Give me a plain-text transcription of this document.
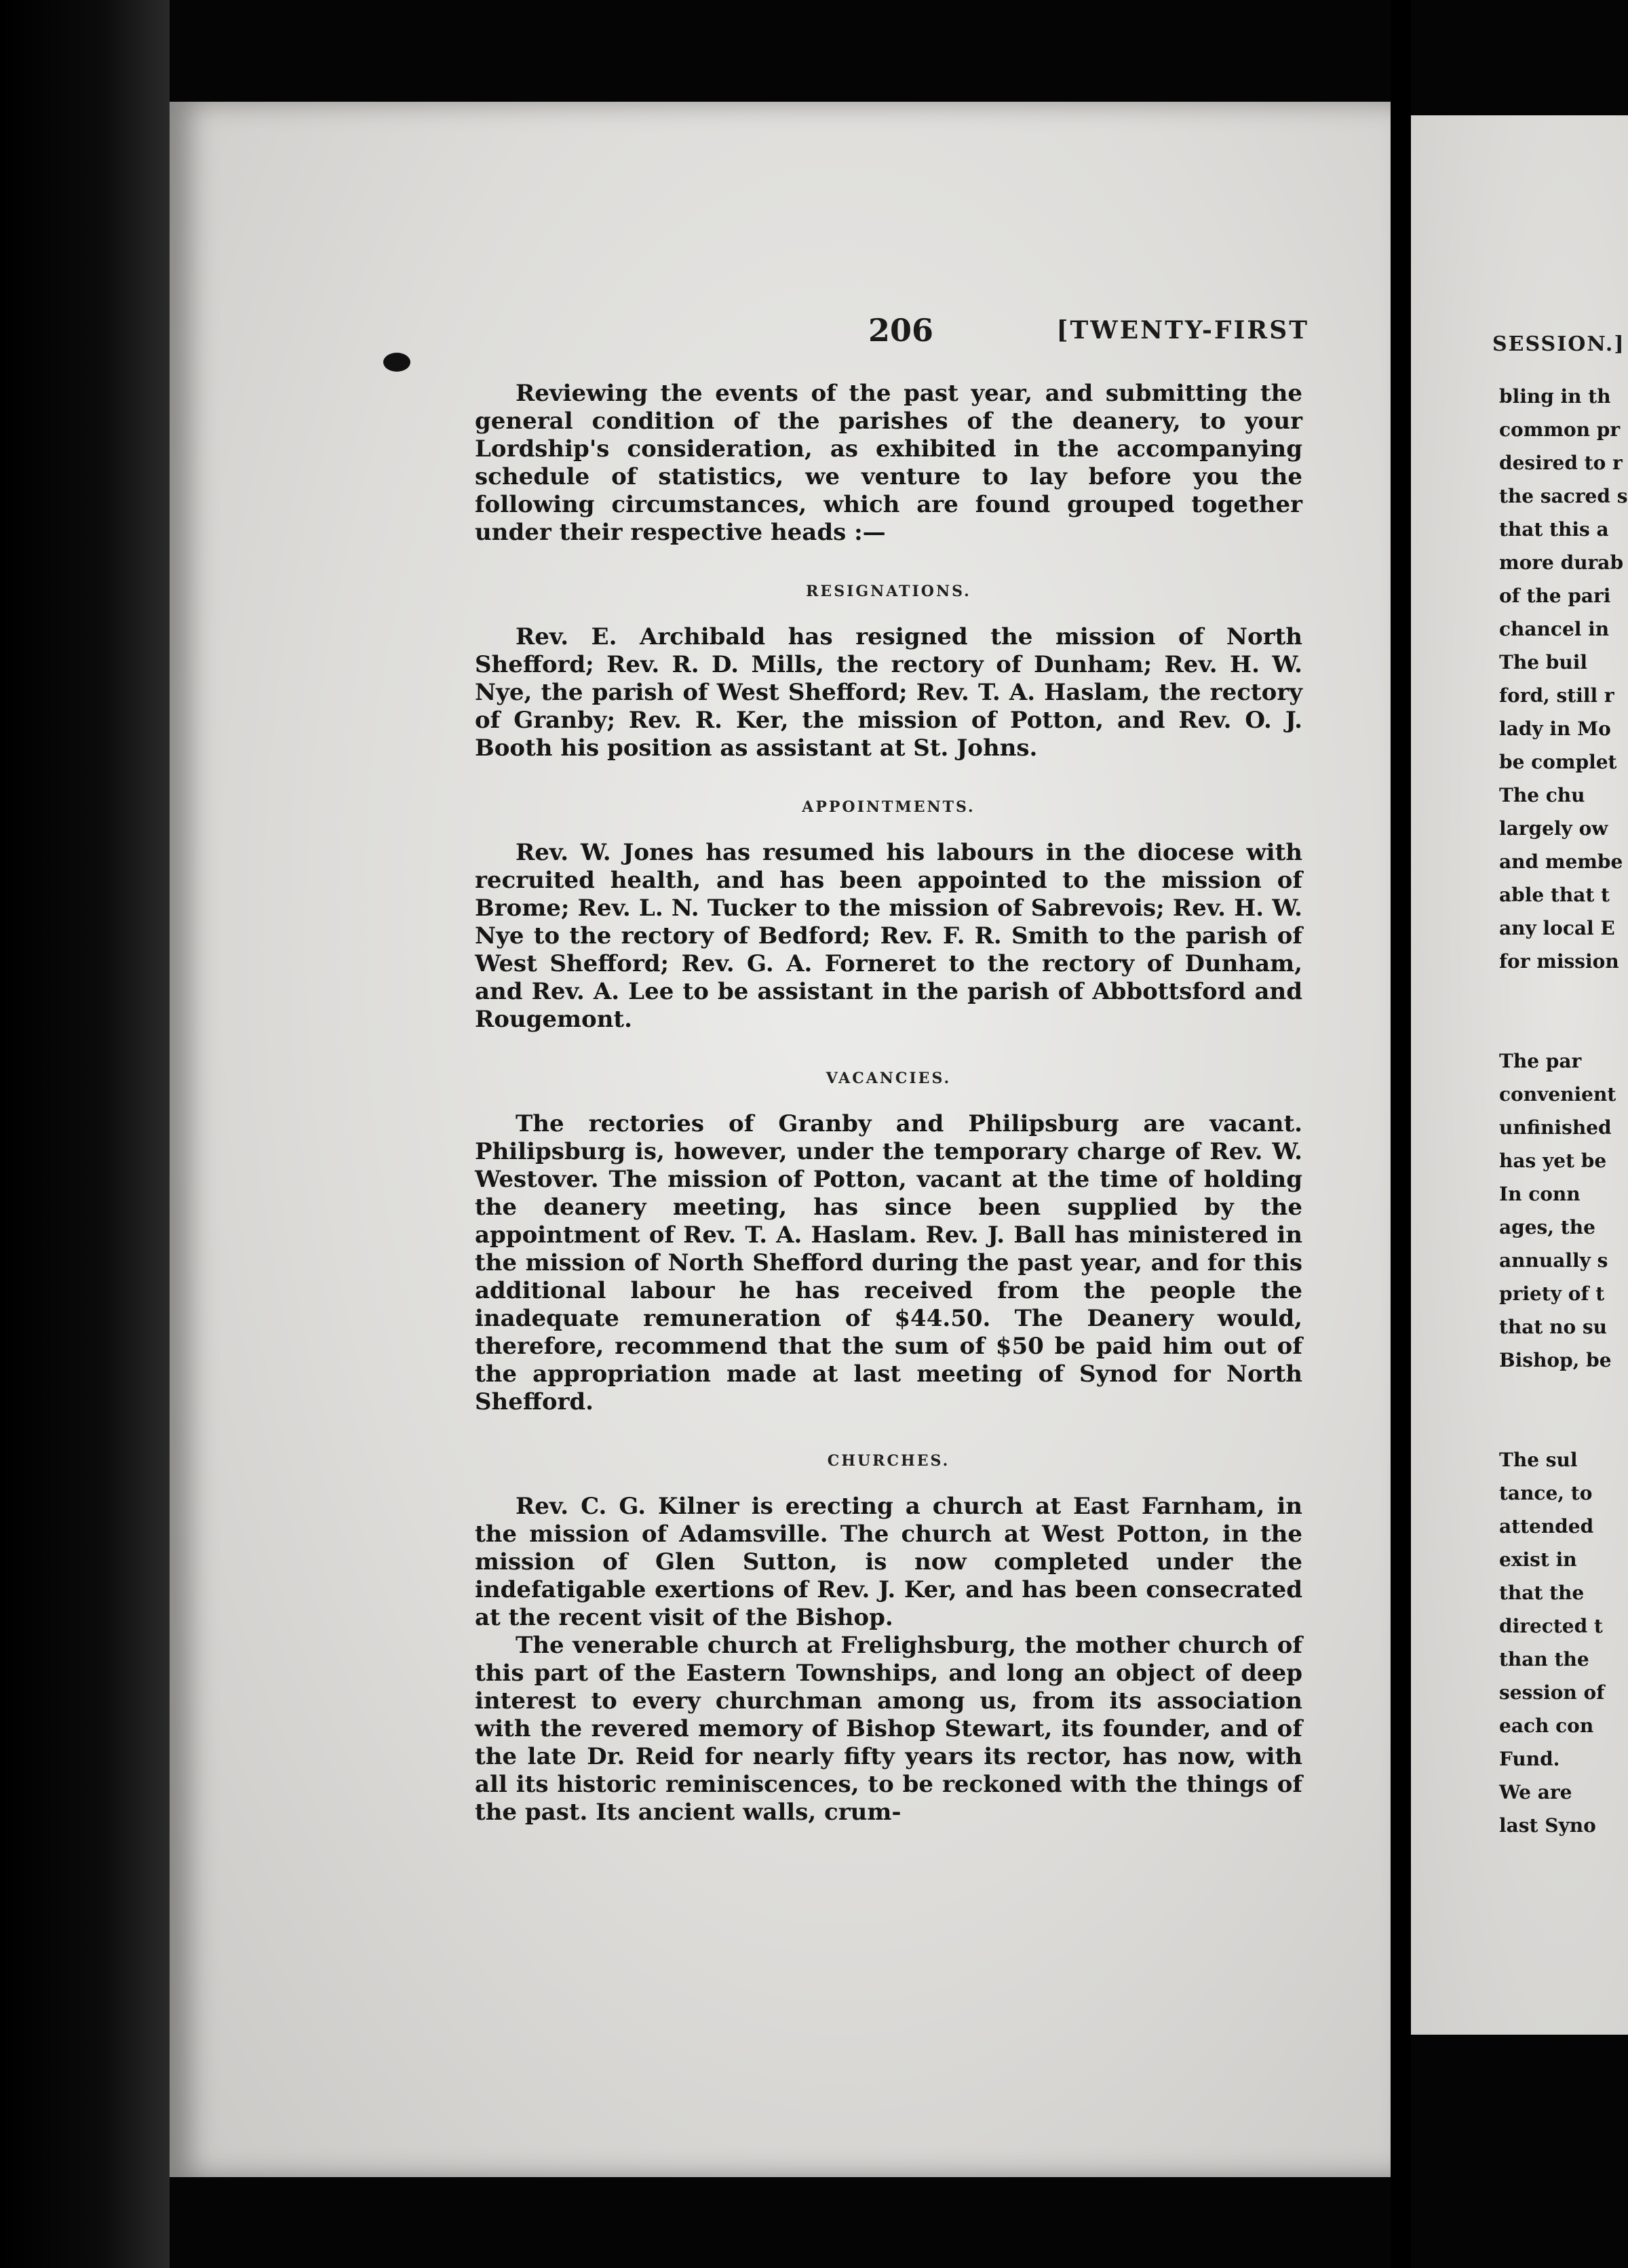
206	[TWENTY-FIRST

Reviewing the events of the past year, and submitting the general condition of the parishes of the deanery, to your Lordship's consideration, as exhibited in the accompanying schedule of statistics, we venture to lay before you the following circumstances, which are found grouped together under their respective heads :—

RESIGNATIONS.

Rev. E. Archibald has resigned the mission of North Shefford; Rev. R. D. Mills, the rectory of Dunham; Rev. H. W. Nye, the parish of West Shefford; Rev. T. A. Haslam, the rectory of Granby; Rev. R. Ker, the mission of Potton, and Rev. O. J. Booth his position as assistant at St. Johns.

APPOINTMENTS.

Rev. W. Jones has resumed his labours in the diocese with recruited health, and has been appointed to the mission of Brome; Rev. L. N. Tucker to the mission of Sabrevois; Rev. H. W. Nye to the rectory of Bedford; Rev. F. R. Smith to the parish of West Shefford; Rev. G. A. Forneret to the rectory of Dunham, and Rev. A. Lee to be assistant in the parish of Abbottsford and Rougemont.

VACANCIES.

The rectories of Granby and Philipsburg are vacant. Philipsburg is, however, under the temporary charge of Rev. W. Westover. The mission of Potton, vacant at the time of holding the deanery meeting, has since been supplied by the appointment of Rev. T. A. Haslam. Rev. J. Ball has ministered in the mission of North Shefford during the past year, and for this additional labour he has received from the people the inadequate remuneration of $44.50. The Deanery would, therefore, recommend that the sum of $50 be paid him out of the appropriation made at last meeting of Synod for North Shefford.

CHURCHES.

Rev. C. G. Kilner is erecting a church at East Farnham, in the mission of Adamsville. The church at West Potton, in the mission of Glen Sutton, is now completed under the indefatigable exertions of Rev. J. Ker, and has been consecrated at the recent visit of the Bishop.

The venerable church at Frelighsburg, the mother church of this part of the Eastern Townships, and long an object of deep interest to every churchman among us, from its association with the revered memory of Bishop Stewart, its founder, and of the late Dr. Reid for nearly fifty years its rector, has now, with all its historic reminiscences, to be reckoned with the things of the past. Its ancient walls, crum-

SESSION.]
bling in th
common pr
desired to r
the sacred s
that this a
more durab
of the pari
chancel in
The buil
ford, still r
lady in Mo
be complet
The chu
largely ow
and membe
able that t
any local E
for mission

The par
convenient
unfinished
has yet be
In conn
ages, the
annually s
priety of t
that no su
Bishop, be

The sul
tance, to
attended
exist in
that the
directed t
than the
session of
each con
Fund.
We are
last Syno
